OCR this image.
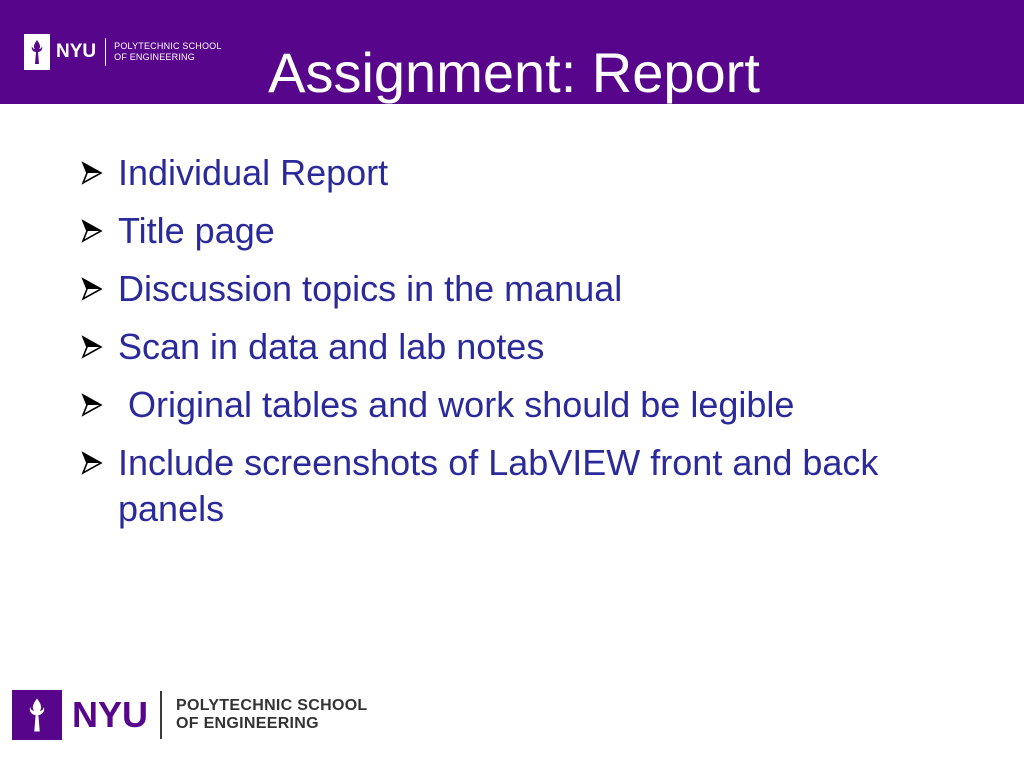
NYU POLYTECHNIC SCHOOL
OF ENGINEERING	Assignment: Report
Individual Report
Title page
Discussion topics in the manual
Scan in data and lab notes
Original tables and work should be legible
Include screenshots of LabVIEW front and back panels
NYU POLYTECHNIC SCHOOL
OF ENGINEERING
